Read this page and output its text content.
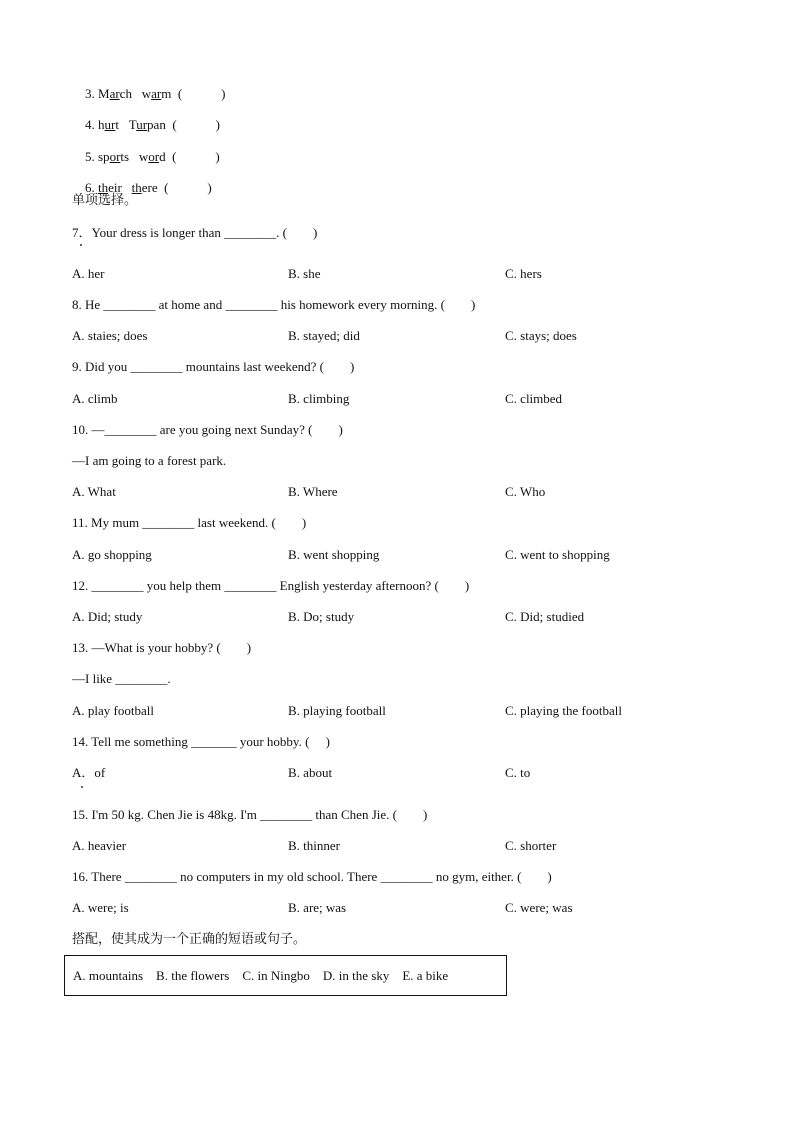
3. March warm (　　　)

4. hurt Turpan (　　　)

5. sports word (　　　)

6. their there (　　　)

单项选择。
7．Your dress is longer than ________. (　　)
A. her	B. she	C. hers
8. He ________ at home and ________ his homework every morning. (　　)
A. staies; does	B. stayed; did	C. stays; does
9. Did you ________ mountains last weekend? (　　)
A. climb	B. climbing	C. climbed
10. —________ are you going next Sunday? (　　)
—I am going to a forest park.
A. What	B. Where	C. Who
11. My mum ________ last weekend. (　　)
A. go shopping	B. went shopping	C. went to shopping
12. ________ you help them ________ English yesterday afternoon? (　　)
A. Did; study	B. Do; study	C. Did; studied
13. —What is your hobby? (　　)
—I like ________.
A. play football	B. playing football	C. playing the football
14. Tell me something _______ your hobby. (　 )
A．of	B. about	C. to
15. I'm 50 kg. Chen Jie is 48kg. I'm ________ than Chen Jie. (　　)
A. heavier	B. thinner	C. shorter
16. There ________ no computers in my old school. There ________ no gym, either. (　　)
A. were; is	B. are; was	C. were; was
搭配，使其成为一个正确的短语或句子。
A. mountains　B. the flowers　C. in Ningbo　D. in the sky　E. a bike
